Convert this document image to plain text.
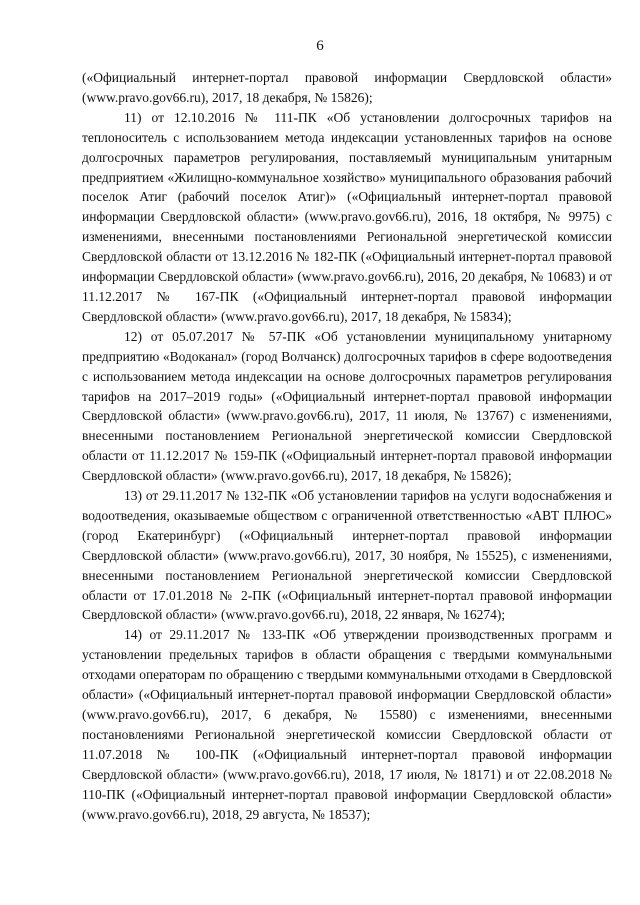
6

(«Официальный интернет-портал правовой информации Свердловской области» (www.pravo.gov66.ru), 2017, 18 декабря, № 15826);

11) от 12.10.2016 № 111-ПК «Об установлении долгосрочных тарифов на теплоноситель с использованием метода индексации установленных тарифов на основе долгосрочных параметров регулирования, поставляемый муниципальным унитарным предприятием «Жилищно-коммунальное хозяйство» муниципального образования рабочий поселок Атиг (рабочий поселок Атиг)» («Официальный интернет-портал правовой информации Свердловской области» (www.pravo.gov66.ru), 2016, 18 октября, № 9975) с изменениями, внесенными постановлениями Региональной энергетической комиссии Свердловской области от 13.12.2016 № 182-ПК («Официальный интернет-портал правовой информации Свердловской области» (www.pravo.gov66.ru), 2016, 20 декабря, № 10683) и от 11.12.2017 № 167-ПК («Официальный интернет-портал правовой информации Свердловской области» (www.pravo.gov66.ru), 2017, 18 декабря, № 15834);

12) от 05.07.2017 № 57-ПК «Об установлении муниципальному унитарному предприятию «Водоканал» (город Волчанск) долгосрочных тарифов в сфере водоотведения с использованием метода индексации на основе долгосрочных параметров регулирования тарифов на 2017–2019 годы» («Официальный интернет-портал правовой информации Свердловской области» (www.pravo.gov66.ru), 2017, 11 июля, № 13767) с изменениями, внесенными постановлением Региональной энергетической комиссии Свердловской области от 11.12.2017 № 159-ПК («Официальный интернет-портал правовой информации Свердловской области» (www.pravo.gov66.ru), 2017, 18 декабря, № 15826);

13) от 29.11.2017 № 132-ПК «Об установлении тарифов на услуги водоснабжения и водоотведения, оказываемые обществом с ограниченной ответственностью «АВТ ПЛЮС» (город Екатеринбург) («Официальный интернет-портал правовой информации Свердловской области» (www.pravo.gov66.ru), 2017, 30 ноября, № 15525), с изменениями, внесенными постановлением Региональной энергетической комиссии Свердловской области от 17.01.2018 № 2-ПК («Официальный интернет-портал правовой информации Свердловской области» (www.pravo.gov66.ru), 2018, 22 января, № 16274);

14) от 29.11.2017 № 133-ПК «Об утверждении производственных программ и установлении предельных тарифов в области обращения с твердыми коммунальными отходами операторам по обращению с твердыми коммунальными отходами в Свердловской области» («Официальный интернет-портал правовой информации Свердловской области» (www.pravo.gov66.ru), 2017, 6 декабря, № 15580) с изменениями, внесенными постановлениями Региональной энергетической комиссии Свердловской области от 11.07.2018 № 100-ПК («Официальный интернет-портал правовой информации Свердловской области» (www.pravo.gov66.ru), 2018, 17 июля, № 18171) и от 22.08.2018 № 110-ПК («Официальный интернет-портал правовой информации Свердловской области» (www.pravo.gov66.ru), 2018, 29 августа, № 18537);
